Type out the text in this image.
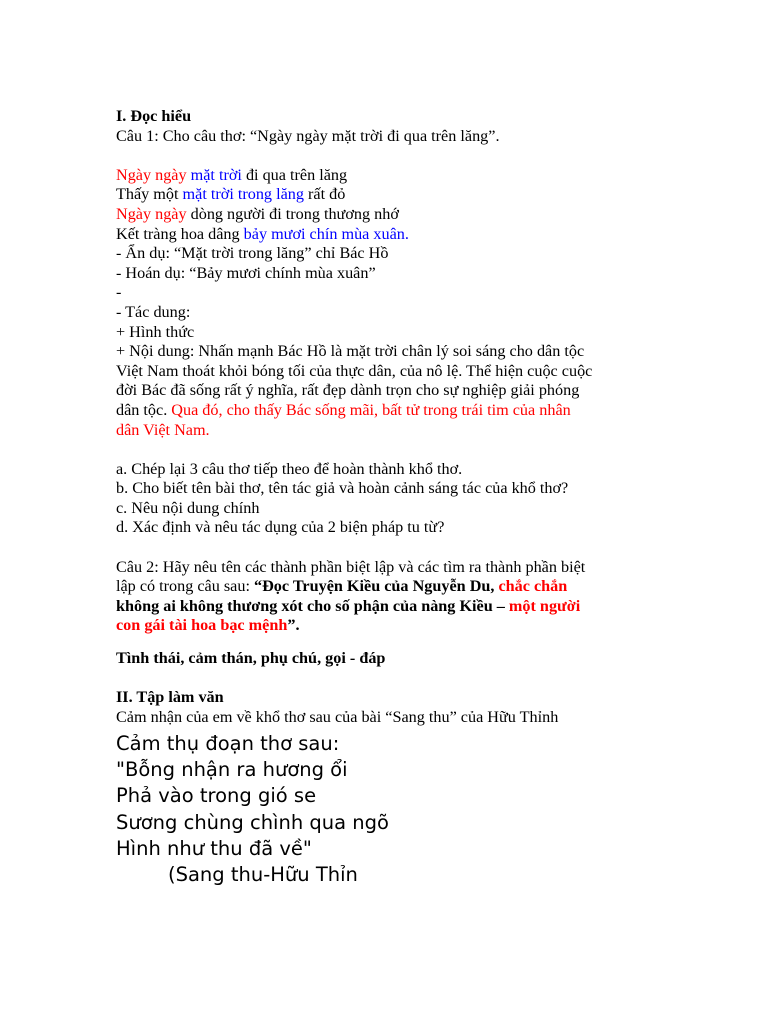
I. Đọc hiểu
Câu 1: Cho câu thơ: “Ngày ngày mặt trời đi qua trên lăng”.
Ngày ngày mặt trời đi qua trên lăng
Thấy một mặt trời trong lăng rất đỏ
Ngày ngày dòng người đi trong thương nhớ
Kết tràng hoa dâng bảy mươi chín mùa xuân.
- Ẩn dụ: “Mặt trời trong lăng” chỉ Bác Hồ
- Hoán dụ: “Bảy mươi chính mùa xuân”
-
- Tác dung:
+ Hình thức
+ Nội dung: Nhấn mạnh Bác Hồ là mặt trời chân lý soi sáng cho dân tộc
Việt Nam thoát khỏi bóng tối của thực dân, của nô lệ. Thể hiện cuộc cuộc
đời Bác đã sống rất ý nghĩa, rất đẹp dành trọn cho sự nghiệp giải phóng
dân tộc. Qua đó, cho thấy Bác sống mãi, bất tử trong trái tim của nhân
dân Việt Nam.
a. Chép lại 3 câu thơ tiếp theo để hoàn thành khổ thơ.
b. Cho biết tên bài thơ, tên tác giả và hoàn cảnh sáng tác của khổ thơ?
c. Nêu nội dung chính
d. Xác định và nêu tác dụng của 2 biện pháp tu từ?
Câu 2: Hãy nêu tên các thành phần biệt lập và các tìm ra thành phần biệt
lập có trong câu sau: “Đọc Truyện Kiều của Nguyễn Du, chắc chắn
không ai không thương xót cho số phận của nàng Kiều – một người
con gái tài hoa bạc mệnh”.
Tình thái, cảm thán, phụ chú, gọi - đáp
II. Tập làm văn
Cảm nhận của em về khổ thơ sau của bài “Sang thu” của Hữu Thỉnh
Cảm thụ đoạn thơ sau:
"Bỗng nhận ra hương ổi
Phả vào trong gió se
Sương chùng chình qua ngõ
Hình như thu đã về"
(Sang thu-Hữu Thỉn
